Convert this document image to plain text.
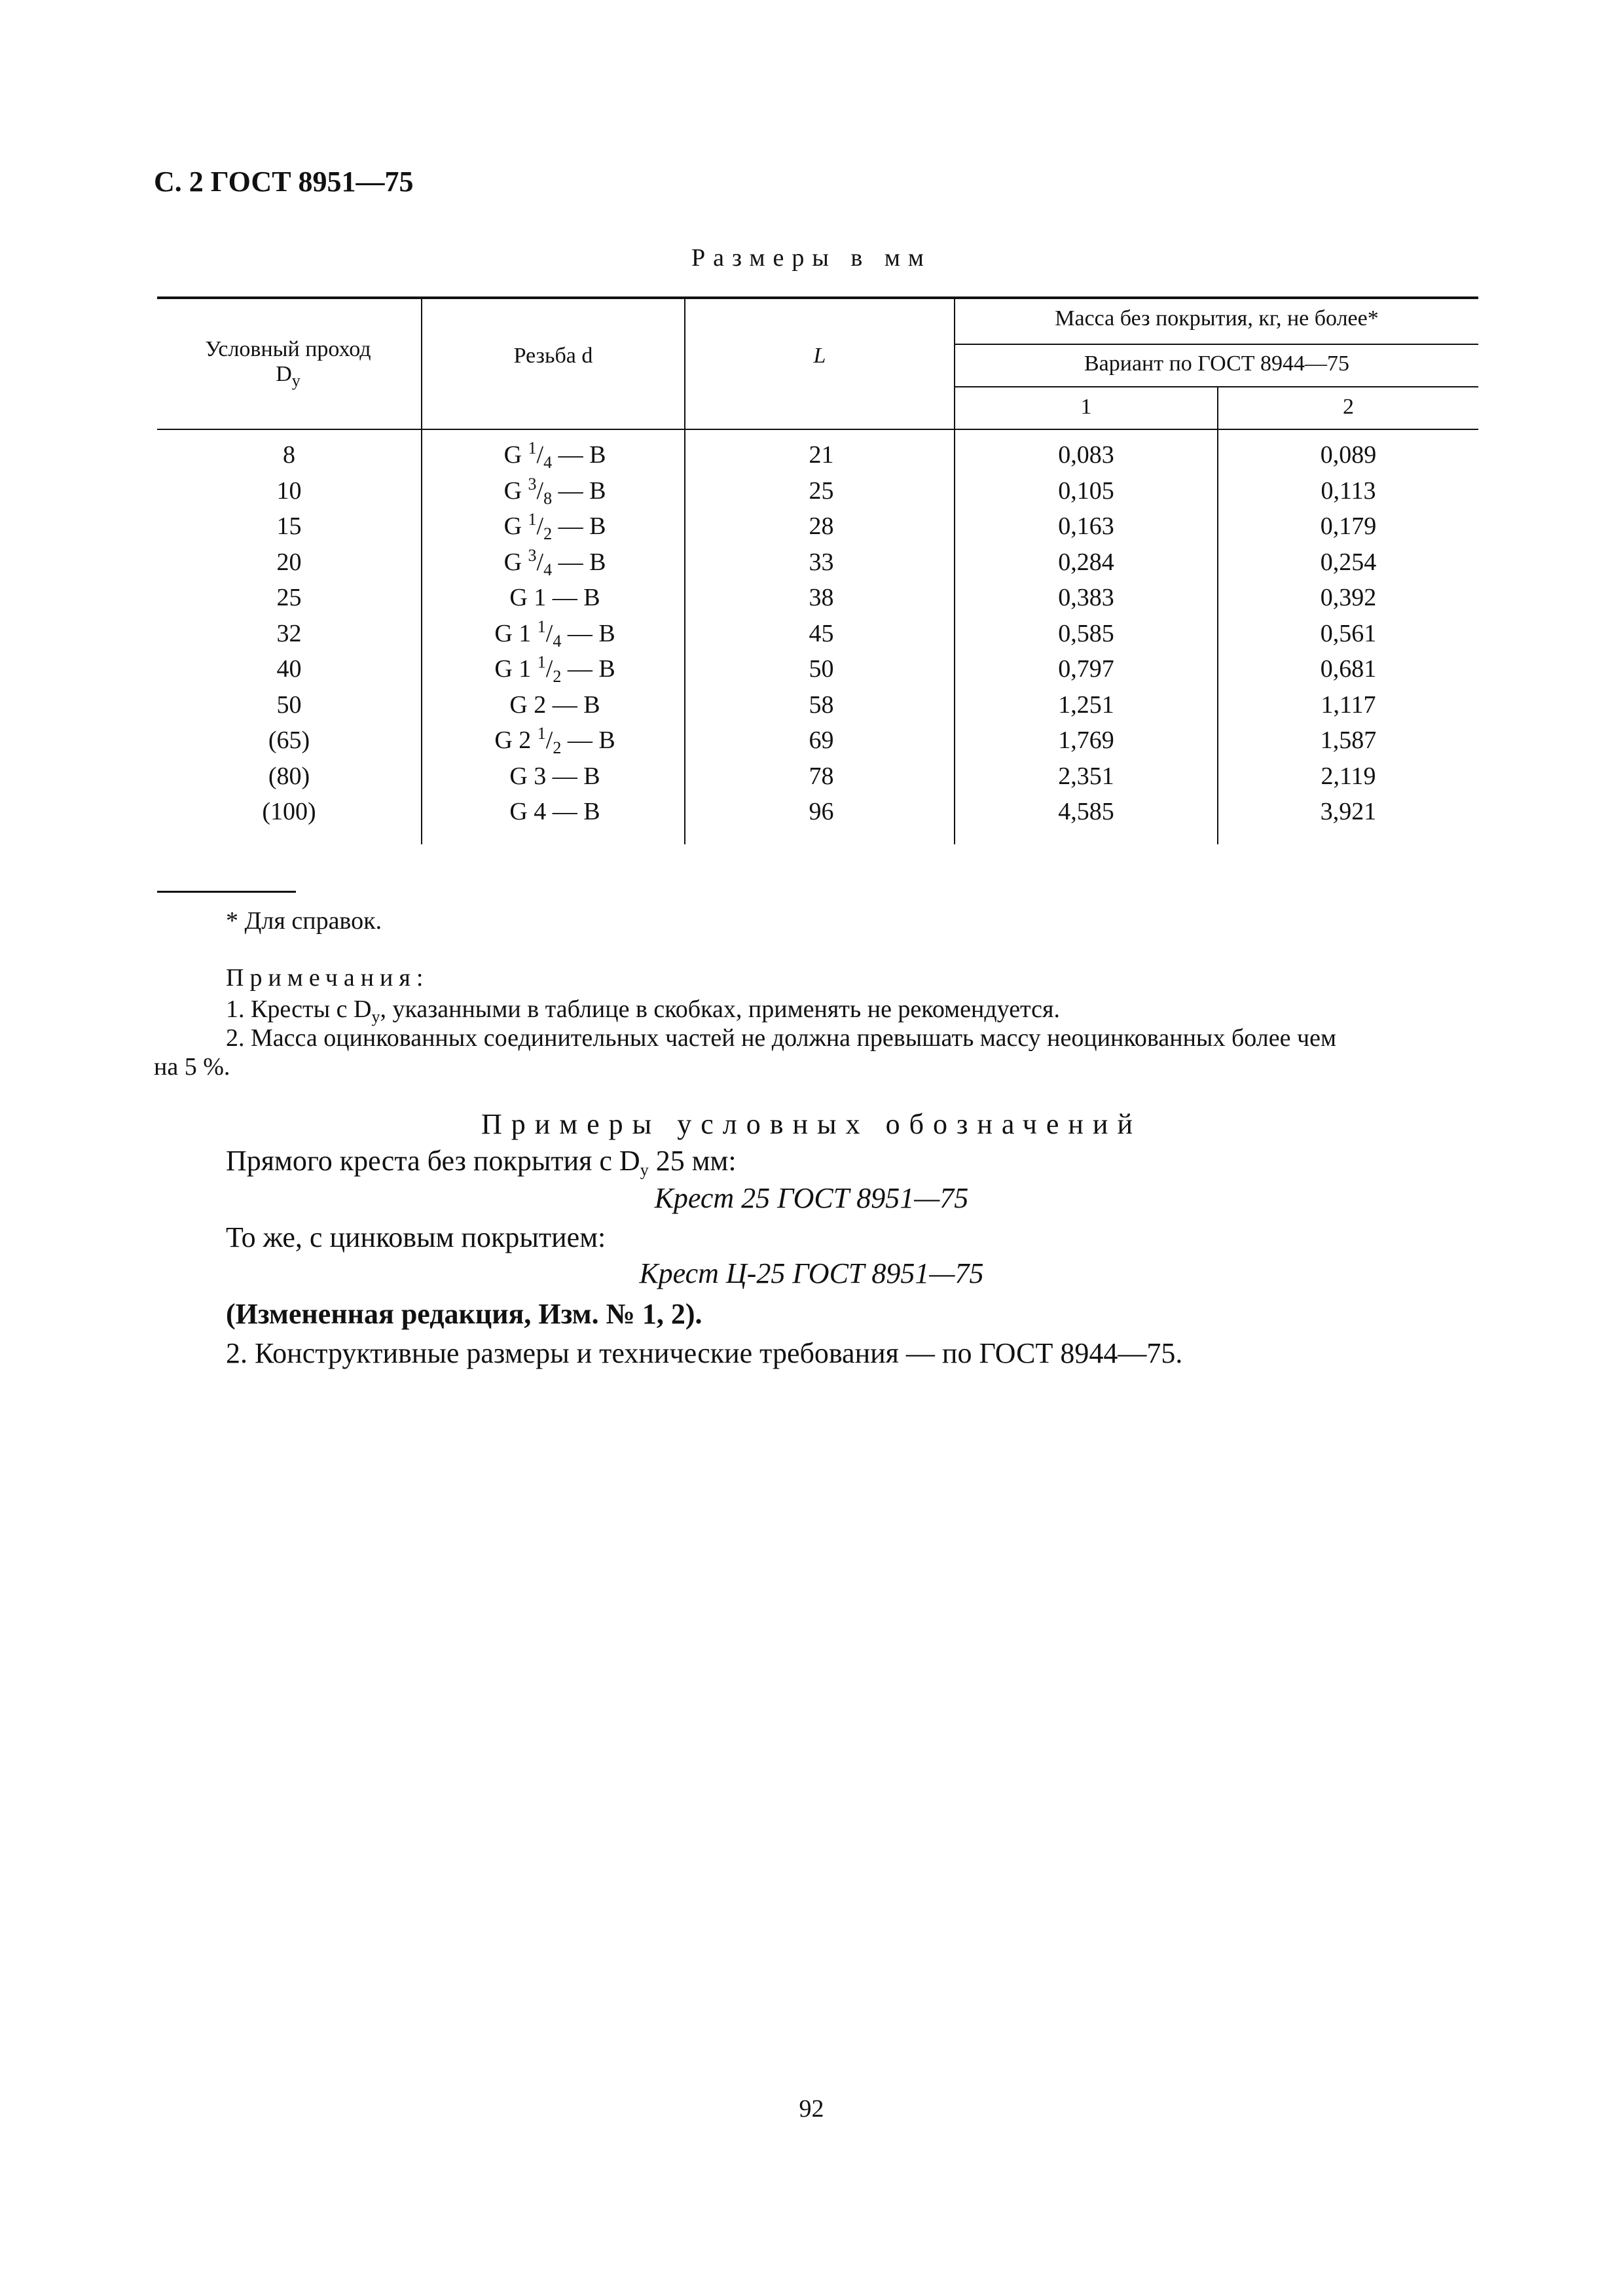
С. 2 ГОСТ 8951—75
Размеры в мм
Условный проход $D_у$
Резьба d	L
Масса без покрытия, кг, не более*
Вариант по ГОСТ 8944—75
1	2
8	G $^1/_4$ — B	21	0,083	0,089
10	G $^3/_8$ — B	25	0,105	0,113
15	G $^1/_2$ — B	28	0,163	0,179
20	G $^3/_4$ — B	33	0,284	0,254
25	G 1 — B	38	0,383	0,392
32	G 1 $^1/_4$ — B	45	0,585	0,561
40	G 1 $^1/_2$ — B	50	0,797	0,681
50	G 2 — B	58	1,251	1,117
(65)	G 2 $^1/_2$ — B	69	1,769	1,587
(80)	G 3 — B	78	2,351	2,119
(100)	G 4 — B	96	4,585	3,921
* Для справок.
Примечания:
1. Кресты с $D_у$, указанными в таблице в скобках, применять не рекомендуется.
2. Масса оцинкованных соединительных частей не должна превышать массу неоцинкованных более чем
на 5 %.
Примеры условных обозначений
Прямого креста без покрытия с $D_у$ 25 мм:
Крест 25 ГОСТ 8951—75
То же, с цинковым покрытием:
Крест Ц-25 ГОСТ 8951—75
(Измененная редакция, Изм. № 1, 2).
2. Конструктивные размеры и технические требования — по ГОСТ 8944—75.
92
